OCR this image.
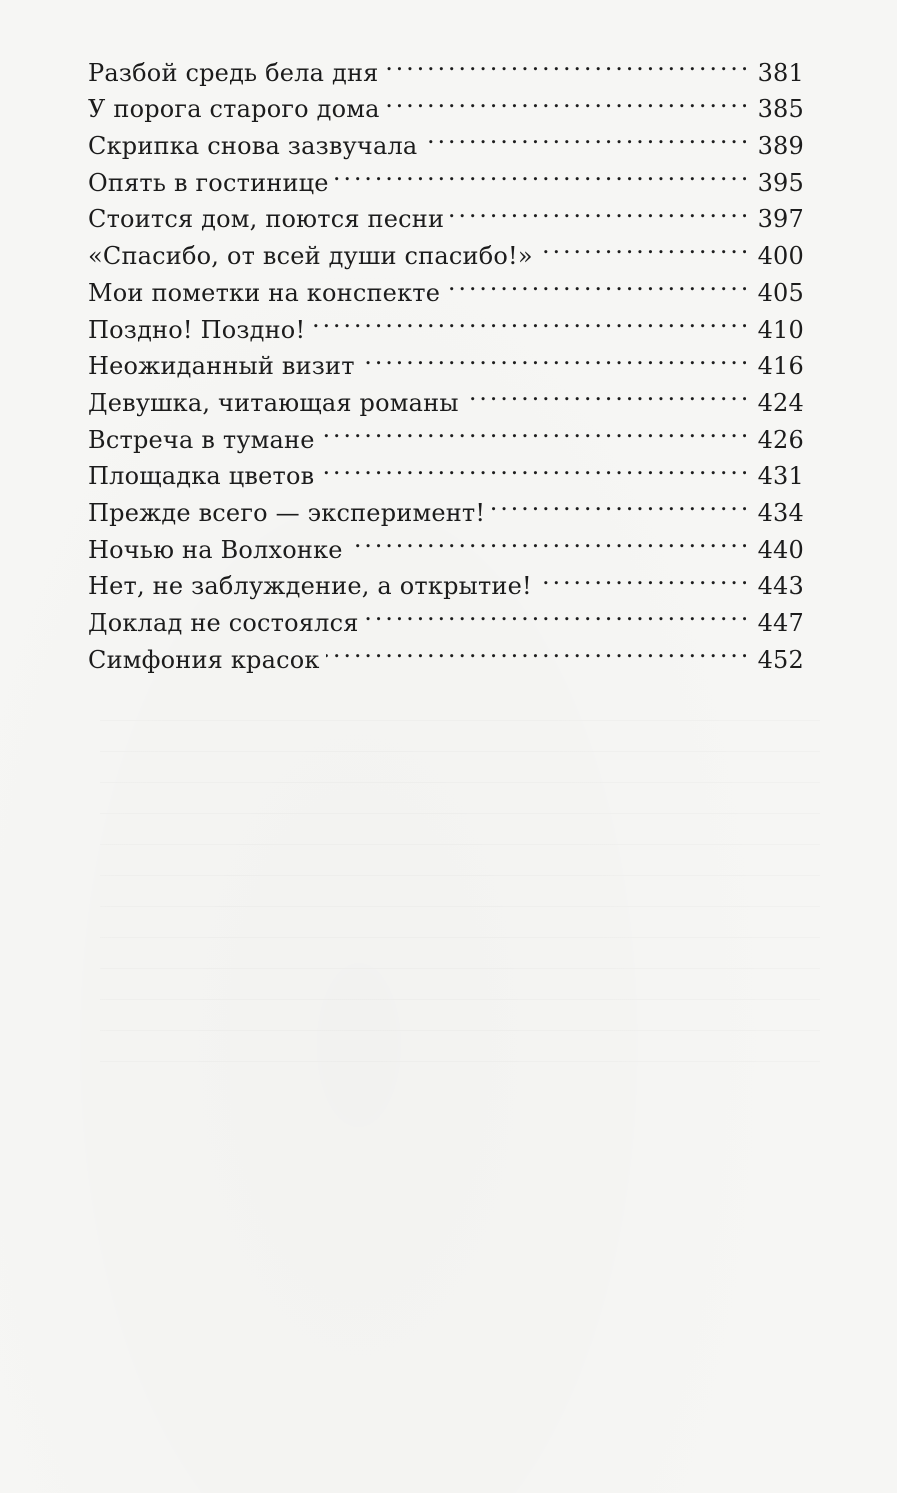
Разбой средь бела дня . . .	381
У порога старого дома . . .	385
Скрипка снова зазвучала . . .	389
Опять в гостинице . . .	395
Стоится дом, поются песни . . .	397
«Спасибо, от всей души спасибо!» . . .	400
Мои пометки на конспекте . . .	405
Поздно! Поздно! . . .	410
Неожиданный визит . . .	416
Девушка, читающая романы . . .	424
Встреча в тумане . . .	426
Площадка цветов . . .	431
Прежде всего — эксперимент! . . .	434
Ночью на Волхонке . . .	440
Нет, не заблуждение, а открытие! . . .	443
Доклад не состоялся . . .	447
Симфония красок . . .	452
